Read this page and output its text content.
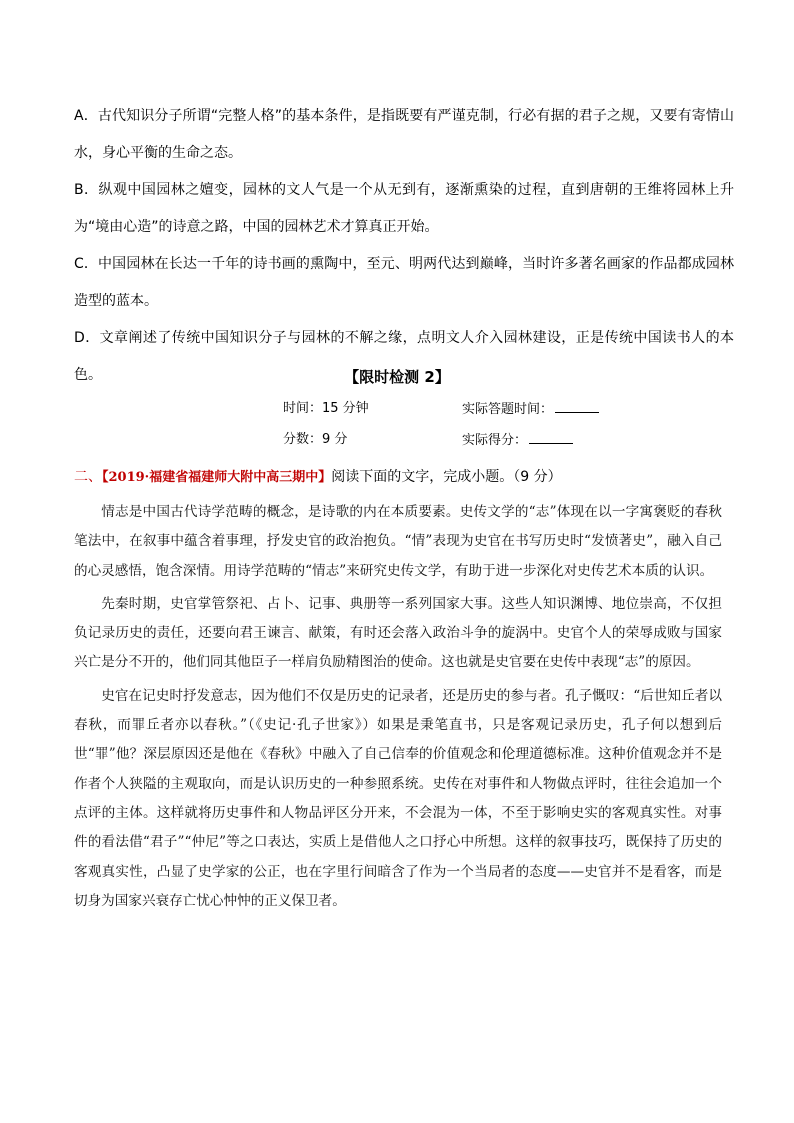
A．古代知识分子所谓“完整人格”的基本条件，是指既要有严谨克制，行必有据的君子之规，又要有寄情山水，身心平衡的生命之态。

B．纵观中国园林之嬗变，园林的文人气是一个从无到有，逐渐熏染的过程，直到唐朝的王维将园林上升为“境由心造”的诗意之路，中国的园林艺术才算真正开始。

C．中国园林在长达一千年的诗书画的熏陶中，至元、明两代达到巅峰，当时许多著名画家的作品都成园林造型的蓝本。

D．文章阐述了传统中国知识分子与园林的不解之缘，点明文人介入园林建设，正是传统中国读书人的本色。	【限时检测 2】
时间：15 分钟	实际答题时间：
分数：9 分	实际得分：
二、【2019·福建省福建师大附中高三期中】阅读下面的文字，完成小题。（9 分）

情志是中国古代诗学范畴的概念，是诗歌的内在本质要素。史传文学的“志”体现在以一字寓褒贬的春秋笔法中，在叙事中蕴含着事理，抒发史官的政治抱负。“情”表现为史官在书写历史时“发愤著史”，融入自己的心灵感悟，饱含深情。用诗学范畴的“情志”来研究史传文学，有助于进一步深化对史传艺术本质的认识。

先秦时期，史官掌管祭祀、占卜、记事、典册等一系列国家大事。这些人知识渊博、地位崇高，不仅担负记录历史的责任，还要向君王谏言、献策，有时还会落入政治斗争的旋涡中。史官个人的荣辱成败与国家兴亡是分不开的，他们同其他臣子一样肩负励精图治的使命。这也就是史官要在史传中表现“志”的原因。

史官在记史时抒发意志，因为他们不仅是历史的记录者，还是历史的参与者。孔子慨叹：“后世知丘者以春秋，而罪丘者亦以春秋。”（《史记·孔子世家》）如果是秉笔直书，只是客观记录历史，孔子何以想到后世“罪”他？深层原因还是他在《春秋》中融入了自己信奉的价值观念和伦理道德标准。这种价值观念并不是作者个人狭隘的主观取向，而是认识历史的一种参照系统。史传在对事件和人物做点评时，往往会追加一个点评的主体。这样就将历史事件和人物品评区分开来，不会混为一体，不至于影响史实的客观真实性。对事件的看法借“君子”“仲尼”等之口表达，实质上是借他人之口抒心中所想。这样的叙事技巧，既保持了历史的客观真实性，凸显了史学家的公正，也在字里行间暗含了作为一个当局者的态度——史官并不是看客，而是切身为国家兴衰存亡忧心忡忡的正义保卫者。
